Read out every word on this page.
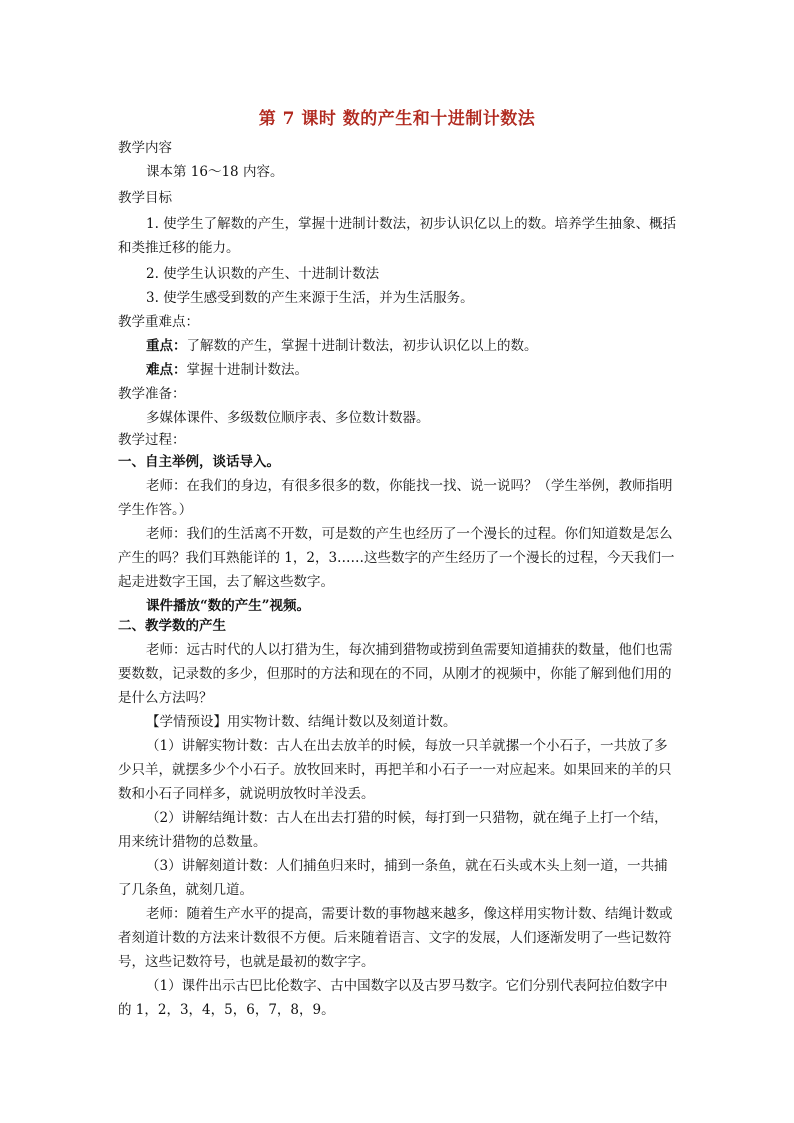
第 7 课时 数的产生和十进制计数法
教学内容
课本第 16～18 内容。
教学目标
1. 使学生了解数的产生，掌握十进制计数法，初步认识亿以上的数。培养学生抽象、概括和类推迁移的能力。
2. 使学生认识数的产生、十进制计数法
3. 使学生感受到数的产生来源于生活，并为生活服务。
教学重难点：
重点：了解数的产生，掌握十进制计数法，初步认识亿以上的数。
难点：掌握十进制计数法。
教学准备：
多媒体课件、多级数位顺序表、多位数计数器。
教学过程：
一、自主举例，谈话导入。
老师：在我们的身边，有很多很多的数，你能找一找、说一说吗？（学生举例，教师指明学生作答。）
老师：我们的生活离不开数，可是数的产生也经历了一个漫长的过程。你们知道数是怎么产生的吗？我们耳熟能详的 1，2，3……这些数字的产生经历了一个漫长的过程，今天我们一起走进数字王国，去了解这些数字。
课件播放“数的产生”视频。
二、教学数的产生
老师：远古时代的人以打猎为生，每次捕到猎物或捞到鱼需要知道捕获的数量，他们也需要数数，记录数的多少，但那时的方法和现在的不同，从刚才的视频中，你能了解到他们用的是什么方法吗？
【学情预设】用实物计数、结绳计数以及刻道计数。
（1）讲解实物计数：古人在出去放羊的时候，每放一只羊就摞一个小石子，一共放了多少只羊，就摆多少个小石子。放牧回来时，再把羊和小石子一一对应起来。如果回来的羊的只数和小石子同样多，就说明放牧时羊没丢。
（2）讲解结绳计数：古人在出去打猎的时候，每打到一只猎物，就在绳子上打一个结，用来统计猎物的总数量。
（3）讲解刻道计数：人们捕鱼归来时，捕到一条鱼，就在石头或木头上刻一道，一共捕了几条鱼，就刻几道。
老师：随着生产水平的提高，需要计数的事物越来越多，像这样用实物计数、结绳计数或者刻道计数的方法来计数很不方便。后来随着语言、文字的发展，人们逐渐发明了一些记数符号，这些记数符号，也就是最初的数字字。
（1）课件出示古巴比伦数字、古中国数字以及古罗马数字。它们分别代表阿拉伯数字中的 1，2，3，4，5，6，7，8，9。
